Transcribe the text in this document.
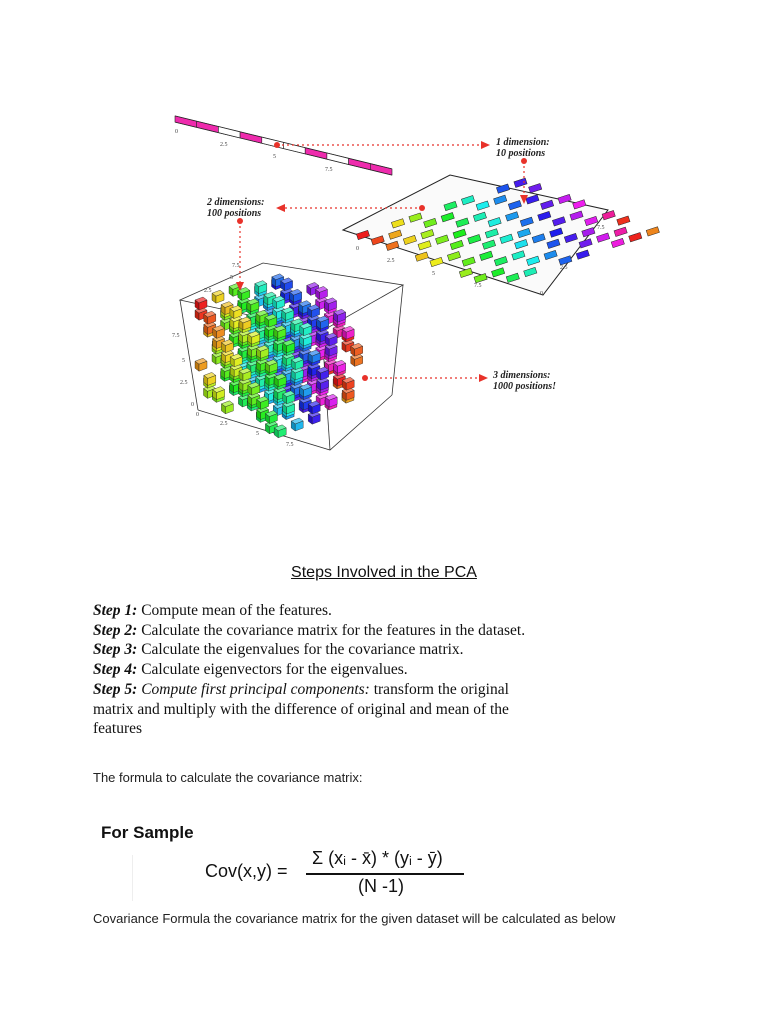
1 dimension:
10 positions
2 dimensions:
100 positions
3 dimensions:
1000 positions!
0
2.5
5
7.5
0
2.5
5
7.5
0
2.5
7.5
7.5
5
2.5
7.5
5
2.5
0
0
2.5
5
7.5
Steps Involved in the PCA
Step 1: Compute mean of the features.
Step 2: Calculate the covariance matrix for the features in the dataset.
Step 3: Calculate the eigenvalues for the covariance matrix.
Step 4: Calculate eigenvectors for the eigenvalues.
Step 5: Compute first principal components: transform the original
matrix and multiply with the difference of original and mean of the
features
The formula to calculate the covariance matrix:
For Sample
Cov(x,y) =
Σ (xᵢ - x̄) * (yᵢ - ȳ)
(N -1)
Covariance Formula the covariance matrix for the given dataset will be calculated as below
